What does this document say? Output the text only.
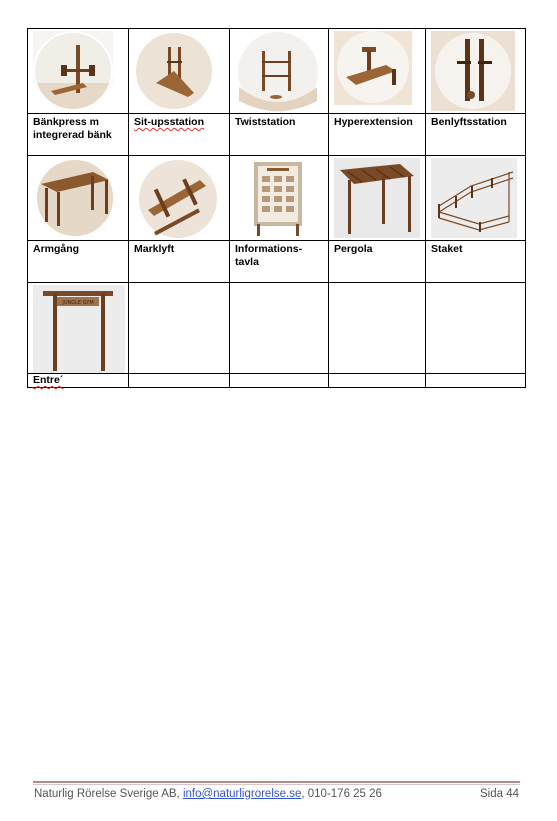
Bänkpress m integrerad bänk	Sit-upsstation	Twiststation	Hyperextension	Benlyftsstation

Armgång	Marklyft	Informations-tavla	Pergola	Staket

JUNGLE GYM				

Entre´				
Naturlig Rörelse Sverige AB, info@naturligrorelse.se, 010-176 25 26	Sida 44
